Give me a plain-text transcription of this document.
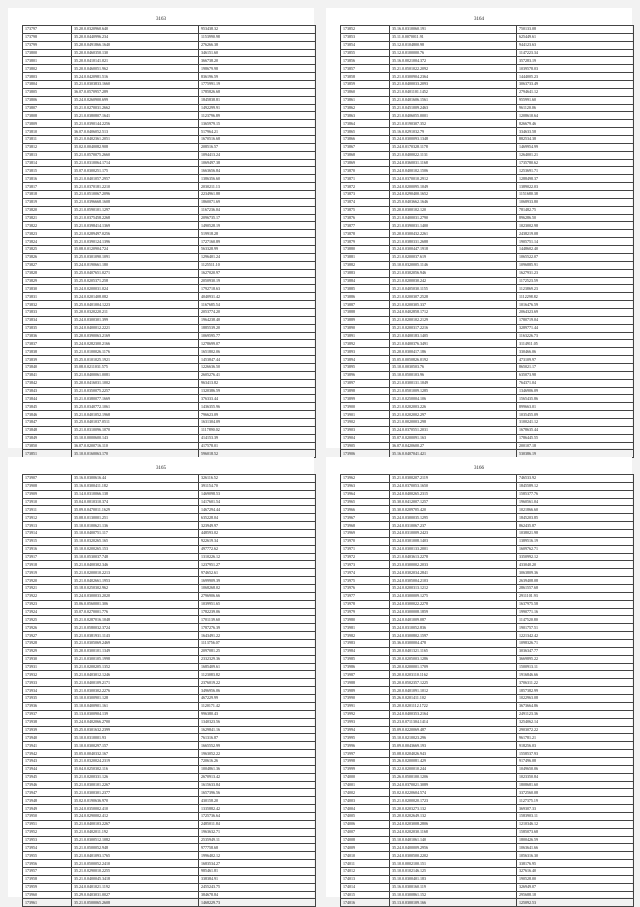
3163
173797	35.20.0.0320960.640	953438.32
173798	35.20.0.0440996.234	1153990.98
173799	35.20.0.0491866.1640	276266.38
173800	35.20.0.0460350.130	346151.60
173801	35.20.0.0410141.021	366738.20
173802	35.20.0.0460051.962	198679.98
173803	35.24.0.0420981.516	836196.59
173804	35.21.0.0303833.1660	1775991.19
173805	36.07.0.0570957.289	1785826.68
173806	35.24.0.0260900.699	1845838.81
173807	35.21.0.0270031.2662	1492299.91
173808	35.21.0.0380807.1641	1123796.89
173809	35.21.0.0390144.2256	1365979.15
173810	36.07.0.0406052.513	517964.21
173811	35.21.0.0402361.2051	1670516.68
173812	35.02.0.0040082.908	208516.57
173813	35.21.0.0570075.2660	1094413.24
173814	35.21.0.0310064.1714	1069497.38
173815	35.07.0.0300251.175	1663656.84
173816	35.21.0.0401057.2957	1386356.60
173817	35.21.0.0370181.2210	2030211.13
173818	35.21.0.0510067.2096	2234961.88
173819	35.21.0.0396668.1608	1860071.69
173820	35.21.0.0590101.1297	1167236.04
173821	35.21.0.0375458.2268	2096735.17
173822	35.21.0.0398414.1369	1490528.19
173823	35.21.0.0289497.0256	519918.28
173824	35.21.0.0390124.1396	1727160.89
173825	35.08.0.0120904.724	563328.99
173826	35.25.0.0301090.1091	1296401.24
173827	35.24.0.0190661.180	1125511.10
173828	35.25.0.0407651.0271	1627020.97
173829	35.25.0.0205371.258	2050930.19
173830	35.24.0.0200031.024	1792718.63
173831	35.24.0.0201408.082	4040931.42
173832	35.25.0.0401004.1223	1167685.54
173833	35.20.0.0320220.211	2053774.20
173834	35.24.0.0300301.399	1964238.40
173835	35.24.0.0400012.2221	1885539.20
173836	35.20.0.0390063.2169	1069595.77
173837	35.24.0.0282300.2166	1278699.07
173838	35.21.0.0100026.1176	1651802.06
173839	35.25.0.0101025.1921	1453847.44
173840	35.08.0.0211031.575	1226636.50
173841	35.21.0.0400061.0081	2605276.41
173842	35.20.0.0416031.1002	963413.82
173843	35.21.0.0350075.2257	1320386.59
173844	35.21.0.0380077.1669	376333.44
173845	35.25.0.0340772.1061	1436355.96
173846	35.21.0.0401052.1968	796623.09
173847	35.25.0.0401037.0511	1631304.09
173848	35.21.0.0310096.1070	1117890.02
173849	35.10.0.0000600.143	414153.39
173850	36.07.0.0200716.110	417578.01
173851	35.10.0.0160063.170	596018.52
3164
173852	35.16.0.0310060.191	750133.08
173853	35.11.0.0070011.91	625449.61
173854	35.12.0.0104800.98	944123.63
173855	35.12.0.0100000.76	1147223.34
173856	35.16.0.0021004.372	357283.19
173857	35.21.0.0501022.2092	1039578.03
173858	35.21.0.0300904.2364	1444005.23
173859	35.21.0.0400033.2093	3063733.49
173860	35.21.0.0401101.1452	2794641.12
173861	35.21.0.0401606.1561	955991.60
173862	35.21.0.0451009.2463	961120.06
173863	35.21.0.0406055.0001	1208610.64
173864	35.21.0.0190307.352	826679.46
173865	35.16.0.0291032.79	334633.58
173866	35.24.0.0300093.1348	882534.38
173867	35.24.0.0170328.1178	1469954.99
173868	35.21.0.0400022.1131	1264001.21
173869	35.24.0.0360031.1168	1735780.62
173870	35.24.0.0400102.1506	1253691.71
173871	35.24.0.0370010.2912	1288498.37
173872	35.24.0.0200095.1049	1389022.03
173873	35.24.0.0290400.1652	1151680.38
173874	35.25.0.0403662.1646	1068933.80
173875	35.20.0.0300102.120	781482.75
173876	35.21.0.0400031.2790	896286.50
173877	35.21.0.0390031.1400	1023002.98
173878	35.20.0.0300432.2261	2438219.08
173879	35.21.0.0380331.2688	1905751.14
173880	35.24.0.0300447.1918	1448602.40
173881	35.21.0.0200037.619	1065522.07
173882	35.10.0.0320005.1146	1096885.91
173883	35.21.0.0302056.946	1627931.23
173884	35.21.0.0200030.242	1172523.59
173885	35.21.0.0405030.1155	1123869.23
173886	35.21.0.0200307.2528	1112298.82
173887	35.21.0.0200305.337	1016476.59
173888	35.24.0.0402858.1712	2064323.69
173889	35.21.0.0200102.2129	1780719.04
173890	35.21.0.0200317.2216	3289771.44
173891	35.21.0.0400183.1405	1163226.73
173892	35.21.0.0400376.3491	3114911.05
173893	35.20.0.0300417.186	330466.06
173894	35.05.0.0050826.0192	473109.97
173895	35.10.0.0030503.76	865021.17
173896	35.10.0.0500103.96	635073.98
173897	35.21.0.0300131.1049	764371.04
173898	35.21.0.0501009.1285	1346906.09
173899	35.21.0.0250004.106	1565435.86
173900	35.21.0.0202003.226	899663.01
173901	35.21.0.0202002.297	1035455.09
173902	35.21.0.0020003.298	3100241.12
173903	35.24.0.0370551.2031	1678635.44
173904	35.07.0.0200091.163	1786445.55
173905	36.07.0.0420600.27	200107.18
173906	35.16.0.0407041.421	530386.19
3165
173907	35.16.0.0300616.44	326116.52
173908	35.16.0.0300411.182	391154.70
173909	35.14.0.0310066.138	1469098.53
173910	35.04.0.0010310.374	1417601.54
173911	35.09.0.0470011.1629	1467294.44
173912	35.08.0.0130001.251	635228.04
173913	35.10.0.0100621.136	323949.97
173914	35.10.0.0400751.117	448593.02
173915	35.10.0.0320265.165	922619.34
173916	35.10.0.0200265.153	497772.62
173917	35.10.0.0530037.748	1310226.12
173918	35.21.0.0400302.346	1237951.27
173919	35.21.0.0200010.2213	974652.61
173920	35.21.0.0402661.1953	1699909.39
173921	35.18.0.0250302.962	1068268.02
173922	35.24.0.0300033.2020	2796906.66
173923	35.06.0.0560001.306	1039951.65
173924	35.07.0.0270001.776	1782239.06
173925	35.21.0.0287016.1048	1701139.60
173926	35.21.0.0580032.3724	1787276.39
173927	35.21.0.0381931.1143	1643491.22
173928	35.21.0.0305069.2469	1113756.07
173929	35.20.0.0300101.1349	2097081.25
173930	35.21.0.0300105.1998	2332329.36
173931	35.21.0.0200205.1352	1685409.61
173932	35.21.0.0403012.1246	1123083.82
173933	35.21.0.0400109.2171	2376019.22
173934	35.21.0.0300302.2276	3496956.06
173935	35.10.0.0300901.128	467229.99
173936	35.10.0.0400901.161	1120171.42
173937	35.13.0.0300904.139	996380.43
173938	35.24.0.0402066.2700	1340323.56
173939	35.25.0.0301632.2399	1629841.16
173940	35.10.0.0310001.93	761316.87
173941	35.10.0.0300297.157	1665552.99
173942	35.05.0.0040332.167	1963052.22
173943	35.21.0.0320024.2319	720616.26
173944	35.04.0.0250302.116	1004861.36
173945	35.21.0.0200331.126	2670913.42
173946	35.21.0.0300101.2267	1615633.84
173947	35.21.0.0300301.2377	1657396.56
173948	35.02.0.0190636.970	430158.20
173949	35.24.0.0350002.410	1335882.42
173950	35.24.0.0290002.412	1725736.64
173951	35.21.0.0400103.2267	2485011.84
173952	35.21.0.0402011.192	1963632.71
173953	35.21.0.0300512.1082	2535949.11
173954	35.21.0.0500052.948	977758.68
173955	35.21.0.0401093.1765	1996402.12
173956	35.21.0.0500052.2410	1683534.27
173957	35.21.0.0290010.2255	985461.81
173958	35.21.0.0400045.3418	338384.91
173959	35.24.0.0401021.1192	2455243.75
173960	35.29.0.0403031.0027	384678.84
173961	35.21.0.0500065.2608	1468229.73
3166
173962	35.21.0.0300207.2119	746533.92
173963	35.24.0.0370053.1650	1845589.12
173964	35.24.0.0400265.2315	1585377.76
173965	35.30.0.0412007.1257	1960561.04
173966	35.30.0.0209705.420	1021866.60
173967	35.24.0.0300035.1295	1845203.85
173968	35.24.0.0310067.237	862435.87
173969	35.24.0.0310009.2423	1038021.98
173970	35.24.0.0301008.1403	1389516.19
173971	35.24.0.0300133.2001	1609762.71
173972	35.21.0.0403613.2278	3350992.12
173973	35.23.0.0300002.2033	433040.20
173974	35.24.0.0302034.2841	3063809.36
173975	35.24.0.0305004.2103	2639408.08
173976	35.24.0.0200313.1212	2861557.68
173977	35.24.0.0300009.1275	2911101.93
173978	35.24.0.0300022.2278	1637975.58
173979	35.24.0.0300008.1859	1990771.16
173980	35.24.0.0401009.087	1147520.80
173981	35.24.0.0310052.836	1901757.51
173982	35.24.0.0300802.1597	1221342.42
173983	35.36.0.0300004.478	1098326.71
173984	35.20.0.0401321.1165	3036347.77
173985	35.20.0.0205003.1286	3669895.22
173986	35.20.0.0200001.1709	1500913.11
173987	35.20.0.0203110.1162	1916846.66
173988	35.20.0.0502357.1225	3706311.22
173989	35.20.0.0401091.1012	1857382.99
173990	35.26.0.0201411.102	1022963.08
173991	35.20.0.0201112.1722	3673664.86
173992	35.24.0.0400353.2164	2491123.36
173993	35.23.0.0711304.1414	3254062.14
173994	35.09.0.0220069.487	2903072.22
173995	35.10.0.0210023.296	961781.21
173996	35.09.0.0043669.193	918256.03
173997	35.08.0.0204026.943	1558537.93
173998	35.26.0.0200081.429	917496.08
173999	35.22.0.0200010.244	1049650.06
174000	35.26.0.0500100.1206	1023350.84
174001	35.24.0.0370021.3089	1808681.60
174002	35.02.0.0220604.574	3372560.08
174003	35.21.0.0200020.1723	1127375.19
174004	35.20.0.0203273.132	369307.33
174005	35.20.0.0202649.132	1583903.11
174006	35.24.0.0203008.2806	1210346.12
174007	35.24.0.0202030.1168	1585073.68
174008	35.10.0.0401061.140	1800426.59
174009	35.24.0.0400009.2956	1063641.66
174010	35.24.0.0300500.2202	1056316.30
174011	35.10.0.0002100.151	338176.95
174012	35.10.0.0102146.125	327616.40
174013	35.10.0.0300401.183	190528.00
174014	35.16.0.0300160.119	326949.07
174015	35.10.0.0300861.152	295688.18
174016	35.13.0.0300109.166	125092.53
